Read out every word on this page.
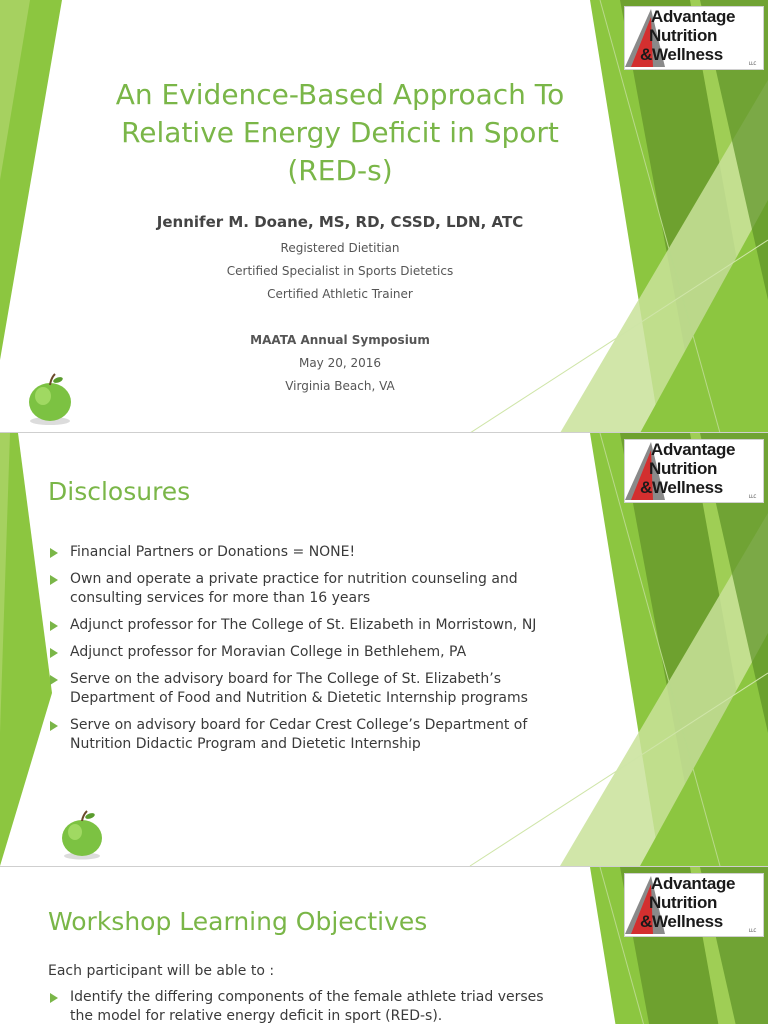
Advantage
Nutrition
&Wellness	LLC
An Evidence-Based Approach To
Relative Energy Deficit in Sport
(RED-s)
Jennifer M. Doane, MS, RD, CSSD, LDN, ATC
Registered Dietitian
Certified Specialist in Sports Dietetics
Certified Athletic Trainer
MAATA Annual Symposium
May 20, 2016
Virginia Beach, VA
Advantage
Nutrition
&Wellness	LLC
Disclosures
Financial Partners or Donations = NONE!
Own and operate a private practice for nutrition counseling and consulting services for more than 16 years
Adjunct professor for The College of St. Elizabeth in Morristown, NJ
Adjunct professor for Moravian College in Bethlehem, PA
Serve on the advisory board for The College of St. Elizabeth’s Department of Food and Nutrition & Dietetic Internship programs
Serve on advisory board for Cedar Crest College’s Department of Nutrition Didactic Program and Dietetic Internship
Advantage
Nutrition
&Wellness	LLC
Workshop Learning Objectives
Each participant will be able to :
Identify the differing components of the female athlete triad verses the model for relative energy deficit in sport (RED-s).
